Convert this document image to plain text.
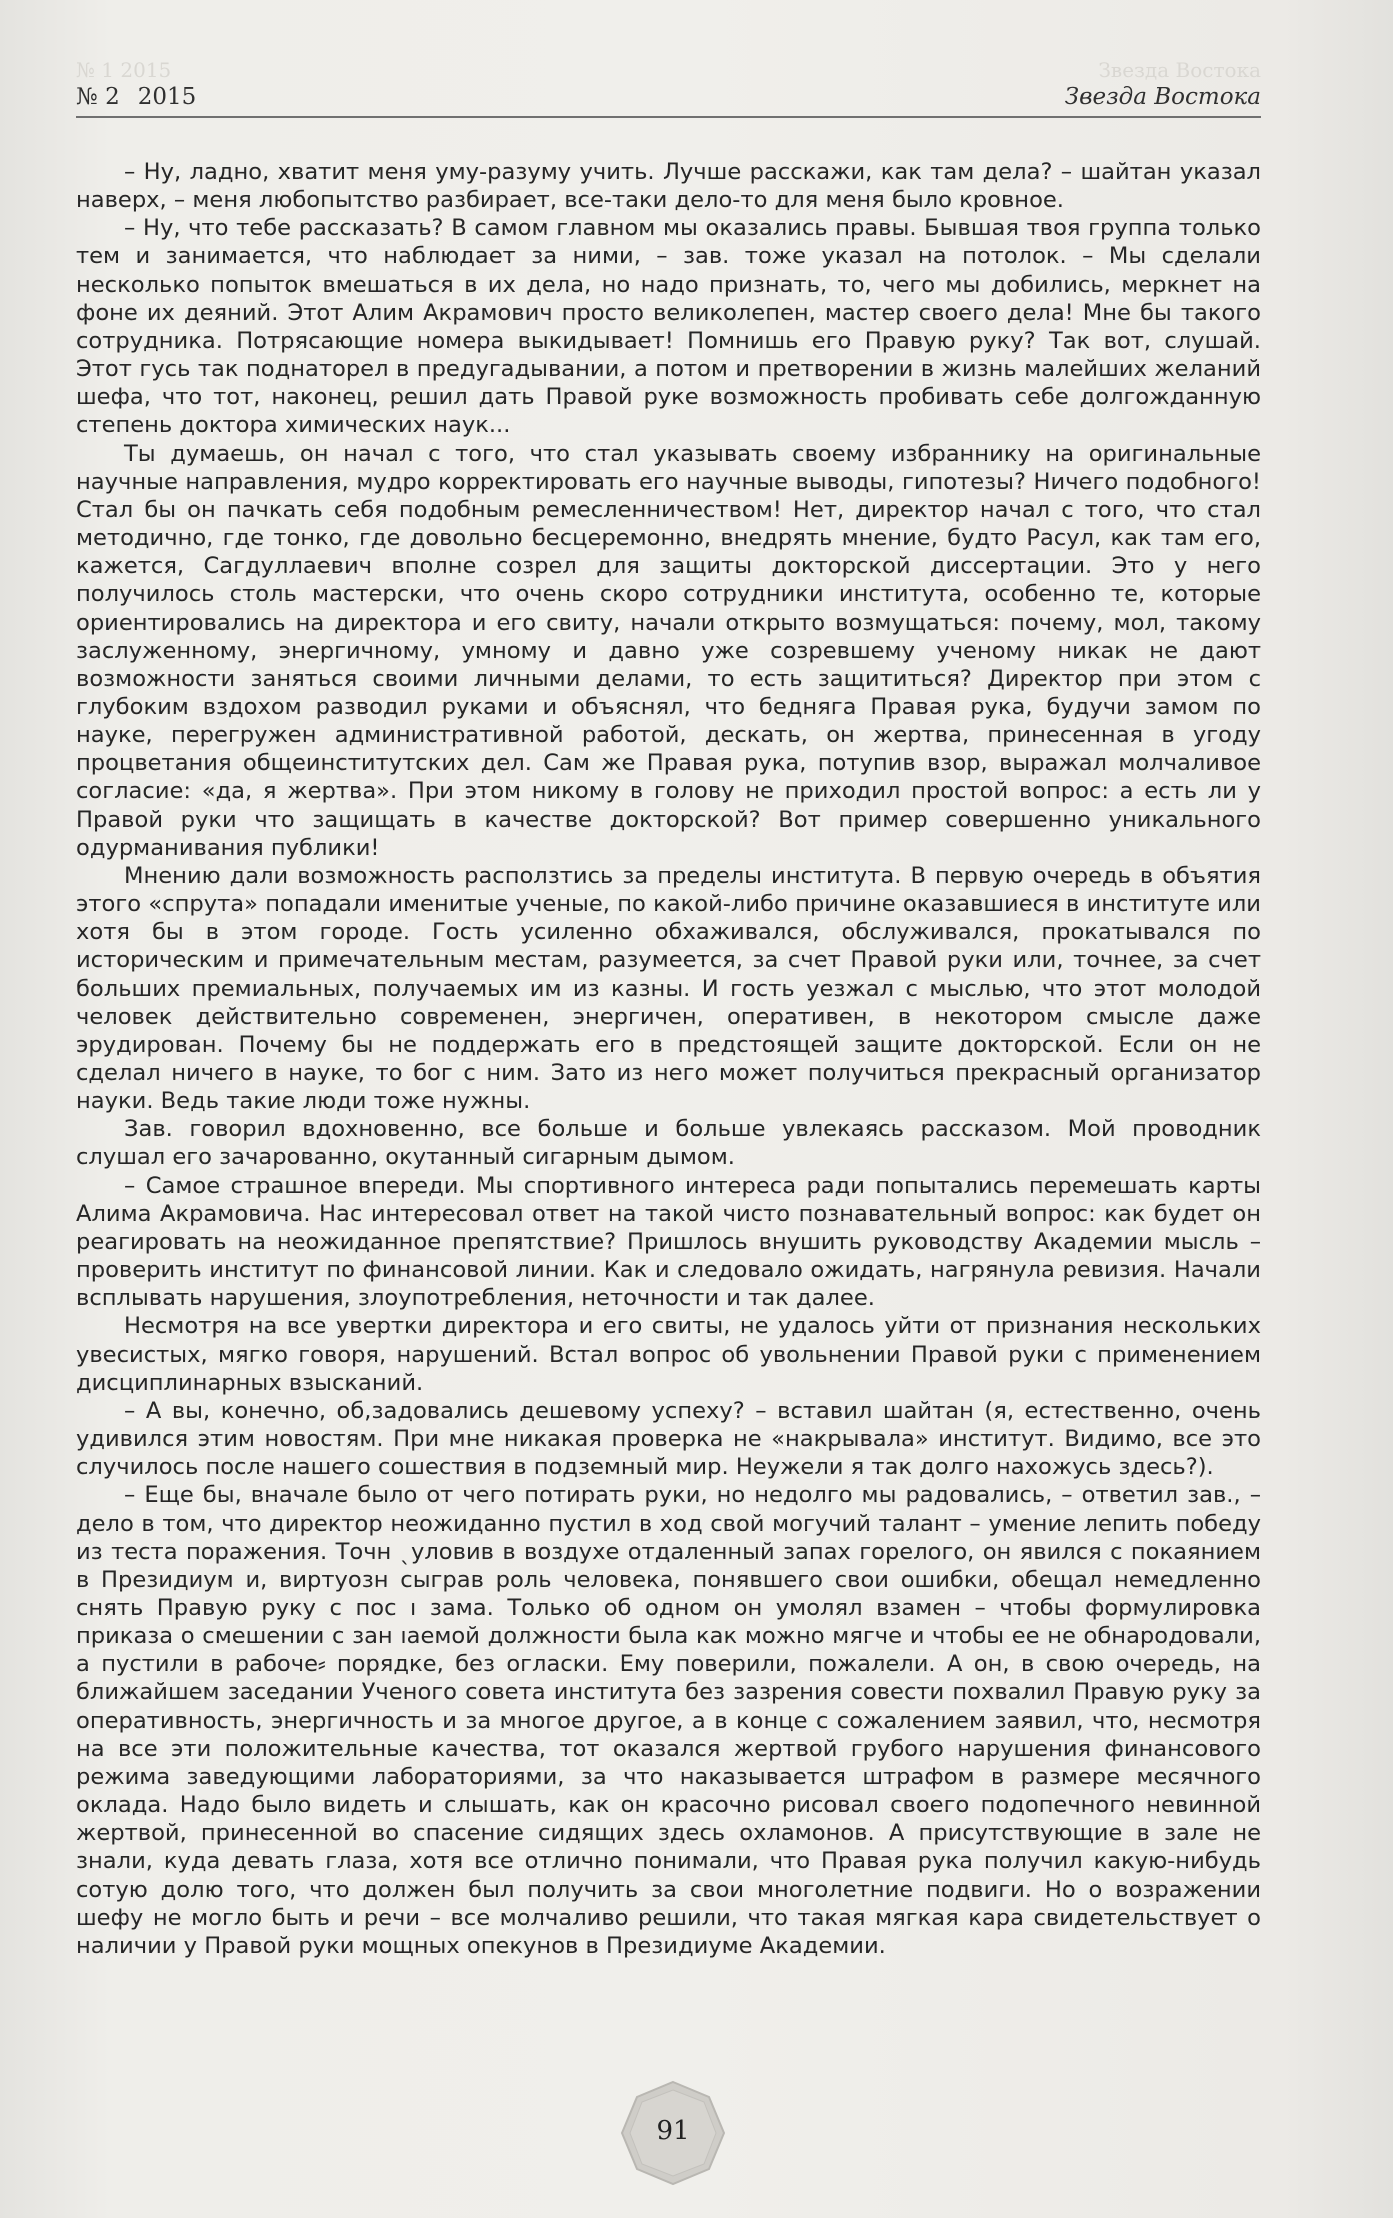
№ 1 2015	Звезда Востока
№ 2 2015	Звезда Востока

– Ну, ладно, хватит меня уму-разуму учить. Лучше расскажи, как там дела? – шайтан указал наверх, – меня любопытство разбирает, все-таки дело-то для меня было кровное.

– Ну, что тебе рассказать? В самом главном мы оказались правы. Бывшая твоя группа только тем и занимается, что наблюдает за ними, – зав. тоже указал на потолок. – Мы сделали несколько попыток вмешаться в их дела, но надо признать, то, чего мы добились, меркнет на фоне их деяний. Этот Алим Акрамович просто великолепен, мастер своего дела! Мне бы такого сотрудника. Потрясающие номера выкидывает! Помнишь его Правую руку? Так вот, слушай. Этот гусь так поднаторел в предугадывании, а потом и претворении в жизнь малейших желаний шефа, что тот, наконец, решил дать Правой руке возможность пробивать себе долгожданную степень доктора химических наук...

Ты думаешь, он начал с того, что стал указывать своему избраннику на оригинальные научные направления, мудро корректировать его научные выводы, гипотезы? Ничего подобного! Стал бы он пачкать себя подобным ремесленничеством! Нет, директор начал с того, что стал методично, где тонко, где довольно бесцеремонно, внедрять мнение, будто Расул, как там его, кажется, Сагдуллаевич вполне созрел для защиты докторской диссертации. Это у него получилось столь мастерски, что очень скоро сотрудники института, особенно те, которые ориентировались на директора и его свиту, начали открыто возмущаться: почему, мол, такому заслуженному, энергичному, умному и давно уже созревшему ученому никак не дают возможности заняться своими личными делами, то есть защититься? Директор при этом с глубоким вздохом разводил руками и объяснял, что бедняга Правая рука, будучи замом по науке, перегружен административной работой, дескать, он жертва, принесенная в угоду процветания общеинститутских дел. Сам же Правая рука, потупив взор, выражал молчаливое согласие: «да, я жертва». При этом никому в голову не приходил простой вопрос: а есть ли у Правой руки что защищать в качестве докторской? Вот пример совершенно уникального одурманивания публики!

Мнению дали возможность расползтись за пределы института. В первую очередь в объятия этого «спрута» попадали именитые ученые, по какой-либо причине оказавшиеся в институте или хотя бы в этом городе. Гость усиленно обхаживался, обслуживался, прокатывался по историческим и примечательным местам, разумеется, за счет Правой руки или, точнее, за счет больших премиальных, получаемых им из казны. И гость уезжал с мыслью, что этот молодой человек действительно современен, энергичен, оперативен, в некотором смысле даже эрудирован. Почему бы не поддержать его в предстоящей защите докторской. Если он не сделал ничего в науке, то бог с ним. Зато из него может получиться прекрасный организатор науки. Ведь такие люди тоже нужны.

Зав. говорил вдохновенно, все больше и больше увлекаясь рассказом. Мой проводник слушал его зачарованно, окутанный сигарным дымом.

– Самое страшное впереди. Мы спортивного интереса ради попытались перемешать карты Алима Акрамовича. Нас интересовал ответ на такой чисто познавательный вопрос: как будет он реагировать на неожиданное препятствие? Пришлось внушить руководству Академии мысль – проверить институт по финансовой линии. Как и следовало ожидать, нагрянула ревизия. Начали всплывать нарушения, злоупотребления, неточности и так далее.

Несмотря на все увертки директора и его свиты, не удалось уйти от признания нескольких увесистых, мягко говоря, нарушений. Встал вопрос об увольнении Правой руки с применением дисциплинарных взысканий.

– А вы, конечно, об,задовались дешевому успеху? – вставил шайтан (я, естественно, очень удивился этим новостям. При мне никакая проверка не «накрывала» институт. Видимо, все это случилось после нашего сошествия в подземный мир. Неужели я так долго нахожусь здесь?).

– Еще бы, вначале было от чего потирать руки, но недолго мы радовались, – ответил зав., – дело в том, что директор неожиданно пустил в ход свой могучий талант – умение лепить победу из теста поражения. Точн ˎуловив в воздухе отдаленный запах горелого, он явился с покаянием в Президиум и, виртуозн сыграв роль человека, понявшего свои ошибки, обещал немедленно снять Правую руку с пос ı зама. Только об одном он умолял взамен – чтобы формулировка приказа о смешении с зан ıаемой должности была как можно мягче и чтобы ее не обнародовали, а пустили в рабоче⸗ порядке, без огласки. Ему поверили, пожалели. А он, в свою очередь, на ближайшем заседании Ученого совета института без зазрения совести похвалил Правую руку за оперативность, энергичность и за многое другое, а в конце с сожалением заявил, что, несмотря на все эти положительные качества, тот оказался жертвой грубого нарушения финансового режима заведующими лабораториями, за что наказывается штрафом в размере месячного оклада. Надо было видеть и слышать, как он красочно рисовал своего подопечного невинной жертвой, принесенной во спасение сидящих здесь охламонов. А присутствующие в зале не знали, куда девать глаза, хотя все отлично понимали, что Правая рука получил какую-нибудь сотую долю того, что должен был получить за свои многолетние подвиги. Но о возражении шефу не могло быть и речи – все молчаливо решили, что такая мягкая кара свидетельствует о наличии у Правой руки мощных опекунов в Президиуме Академии.

91
